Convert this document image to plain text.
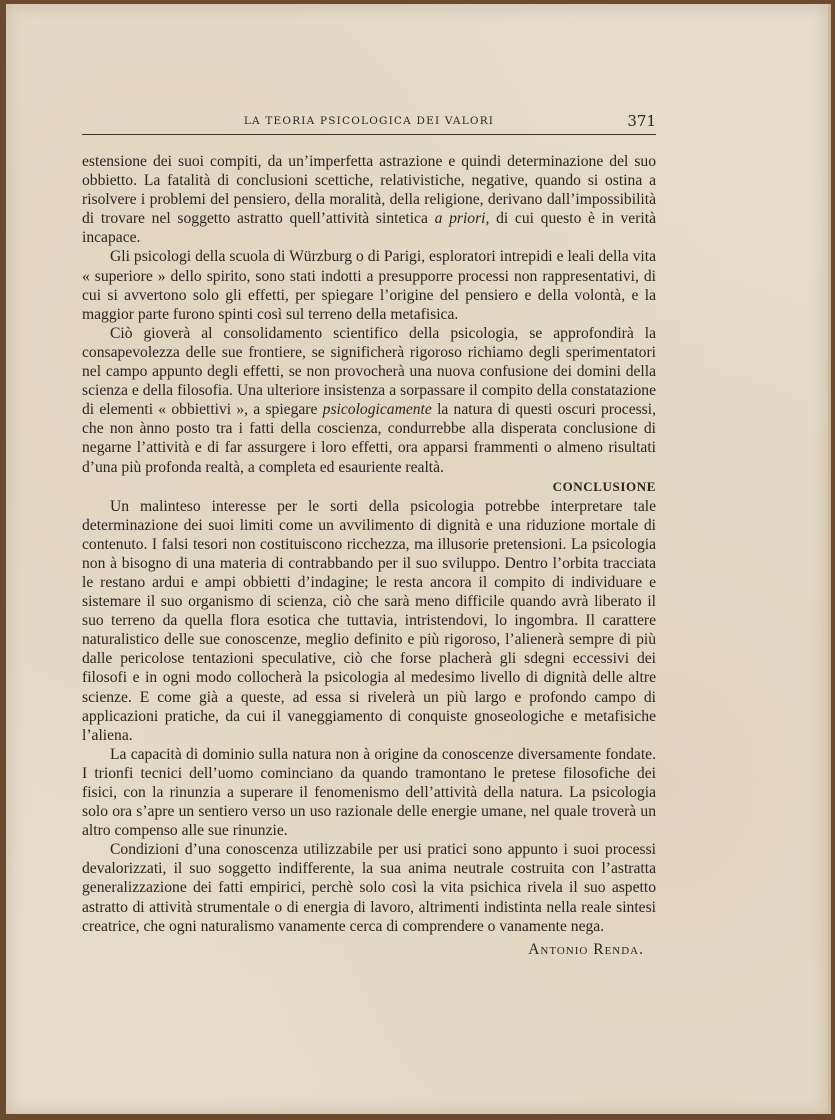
LA TEORIA PSICOLOGICA DEI VALORI	371

estensione dei suoi compiti, da un’imperfetta astrazione e quindi determinazione del suo obbietto. La fatalità di conclusioni scettiche, relativistiche, negative, quando si ostina a risolvere i problemi del pensiero, della moralità, della religione, derivano dall’impossibilità di trovare nel soggetto astratto quell’attività sintetica a priori, di cui questo è in verità incapace.

Gli psicologi della scuola di Würzburg o di Parigi, esploratori intrepidi e leali della vita « superiore » dello spirito, sono stati indotti a presupporre processi non rappresentativi, di cui si avvertono solo gli effetti, per spiegare l’origine del pensiero e della volontà, e la maggior parte furono spinti così sul terreno della metafisica.

Ciò gioverà al consolidamento scientifico della psicologia, se approfondirà la consapevolezza delle sue frontiere, se significherà rigoroso richiamo degli sperimentatori nel campo appunto degli effetti, se non provocherà una nuova confusione dei domini della scienza e della filosofia. Una ulteriore insistenza a sorpassare il compito della constatazione di elementi « obbiettivi », a spiegare psicologicamente la natura di questi oscuri processi, che non ànno posto tra i fatti della coscienza, condurrebbe alla disperata conclusione di negarne l’attività e di far assurgere i loro effetti, ora apparsi frammenti o almeno risultati d’una più profonda realtà, a completa ed esauriente realtà.

CONCLUSIONE

Un malinteso interesse per le sorti della psicologia potrebbe interpretare tale determinazione dei suoi limiti come un avvilimento di dignità e una riduzione mortale di contenuto. I falsi tesori non costituiscono ricchezza, ma illusorie pretensioni. La psicologia non à bisogno di una materia di contrabbando per il suo sviluppo. Dentro l’orbita tracciata le restano ardui e ampi obbietti d’indagine; le resta ancora il compito di individuare e sistemare il suo organismo di scienza, ciò che sarà meno difficile quando avrà liberato il suo terreno da quella flora esotica che tuttavia, intristendovi, lo ingombra. Il carattere naturalistico delle sue conoscenze, meglio definito e più rigoroso, l’alienerà sempre di più dalle pericolose tentazioni speculative, ciò che forse placherà gli sdegni eccessivi dei filosofi e in ogni modo collocherà la psicologia al medesimo livello di dignità delle altre scienze. E come già a queste, ad essa si rivelerà un più largo e profondo campo di applicazioni pratiche, da cui il vaneggiamento di conquiste gnoseologiche e metafisiche l’aliena.

La capacità di dominio sulla natura non à origine da conoscenze diversamente fondate. I trionfi tecnici dell’uomo cominciano da quando tramontano le pretese filosofiche dei fisici, con la rinunzia a superare il fenomenismo dell’attività della natura. La psicologia solo ora s’apre un sentiero verso un uso razionale delle energie umane, nel quale troverà un altro compenso alle sue rinunzie.

Condizioni d’una conoscenza utilizzabile per usi pratici sono appunto i suoi processi devalorizzati, il suo soggetto indifferente, la sua anima neutrale costruita con l’astratta generalizzazione dei fatti empirici, perchè solo così la vita psichica rivela il suo aspetto astratto di attività strumentale o di energia di lavoro, altrimenti indistinta nella reale sintesi creatrice, che ogni naturalismo vanamente cerca di comprendere o vanamente nega.

Antonio Renda.
